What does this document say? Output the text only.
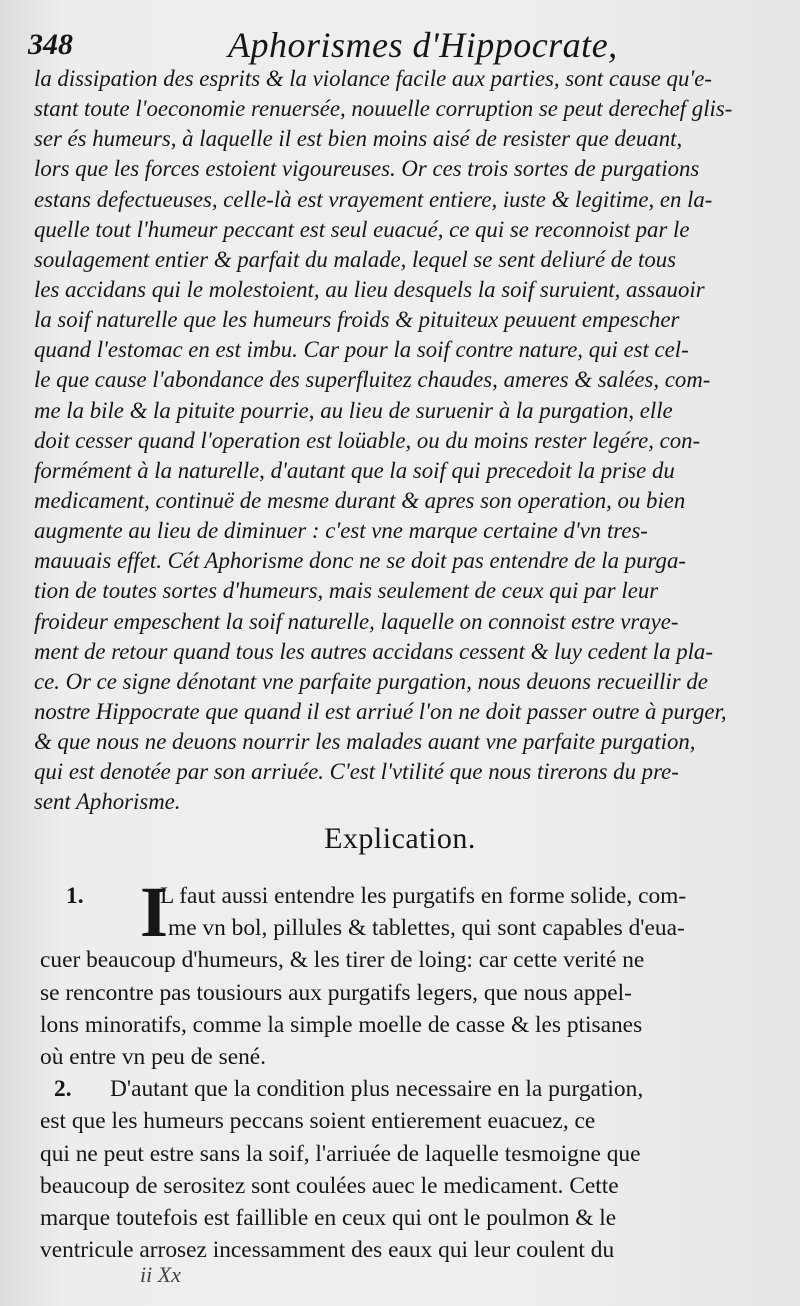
348	Aphorismes d'Hippocrate,
la dissipation des esprits & la violance facile aux parties, sont cause qu'e-
stant toute l'oeconomie renuersée, nouuelle corruption se peut derechef glis-
ser és humeurs, à laquelle il est bien moins aisé de resister que deuant,
lors que les forces estoient vigoureuses. Or ces trois sortes de purgations
estans defectueuses, celle-là est vrayement entiere, iuste & legitime, en la-
quelle tout l'humeur peccant est seul euacué, ce qui se reconnoist par le
soulagement entier & parfait du malade, lequel se sent deliuré de tous
les accidans qui le molestoient, au lieu desquels la soif suruient, assauoir
la soif naturelle que les humeurs froids & pituiteux peuuent empescher
quand l'estomac en est imbu. Car pour la soif contre nature, qui est cel-
le que cause l'abondance des superfluitez chaudes, ameres & salées, com-
me la bile & la pituite pourrie, au lieu de suruenir à la purgation, elle
doit cesser quand l'operation est loüable, ou du moins rester legére, con-
formément à la naturelle, d'autant que la soif qui precedoit la prise du
medicament, continuë de mesme durant & apres son operation, ou bien
augmente au lieu de diminuer : c'est vne marque certaine d'vn tres-
mauuais effet. Cét Aphorisme donc ne se doit pas entendre de la purga-
tion de toutes sortes d'humeurs, mais seulement de ceux qui par leur
froideur empeschent la soif naturelle, laquelle on connoist estre vraye-
ment de retour quand tous les autres accidans cessent & luy cedent la pla-
ce. Or ce signe dénotant vne parfaite purgation, nous deuons recueillir de
nostre Hippocrate que quand il est arriué l'on ne doit passer outre à purger,
& que nous ne deuons nourrir les malades auant vne parfaite purgation,
qui est denotée par son arriuée. C'est l'vtilité que nous tirerons du pre-
sent Aphorisme.
Explication.
1. I
L faut aussi entendre les purgatifs en forme solide, com-
me vn bol, pillules & tablettes, qui sont capables d'eua-
cuer beaucoup d'humeurs, & les tirer de loing: car cette verité ne
se rencontre pas tousiours aux purgatifs legers, que nous appel-
lons minoratifs, comme la simple moelle de casse & les ptisanes
où entre vn peu de sené.
2. D'autant que la condition plus necessaire en la purgation,
est que les humeurs peccans soient entierement euacuez, ce
qui ne peut estre sans la soif, l'arriuée de laquelle tesmoigne que
beaucoup de serositez sont coulées auec le medicament. Cette
marque toutefois est faillible en ceux qui ont le poulmon & le
ventricule arrosez incessamment des eaux qui leur coulent du
ii Xx
